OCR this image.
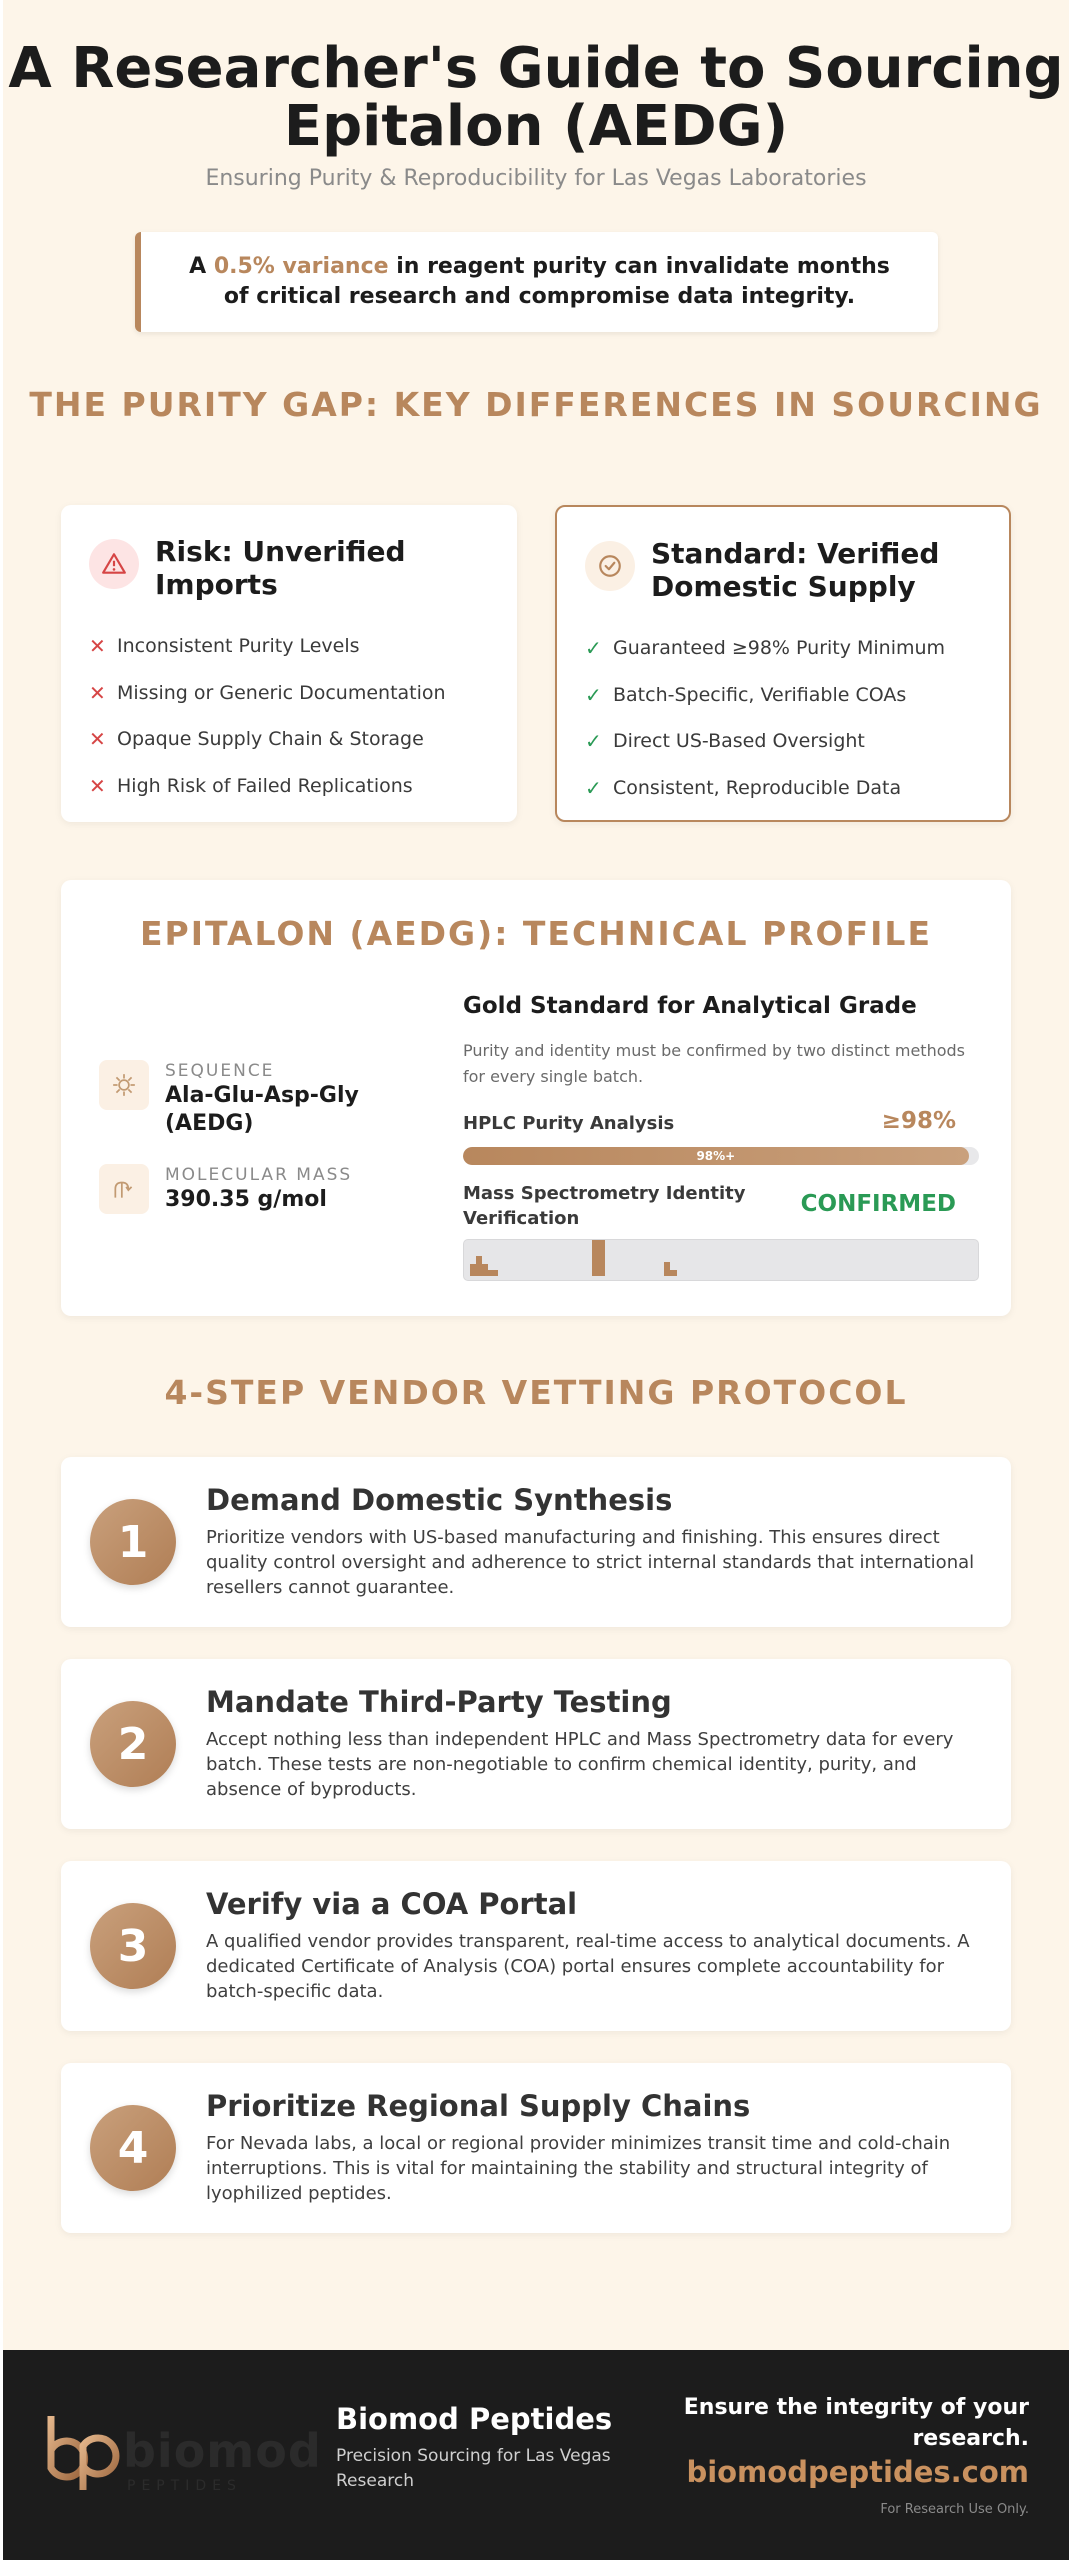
A Researcher's Guide to Sourcing Epitalon (AEDG)
Ensuring Purity & Reproducibility for Las Vegas Laboratories

A 0.5% variance in reagent purity can invalidate months of critical research and compromise data integrity.

THE PURITY GAP: KEY DIFFERENCES IN SOURCING
Risk: Unverified Imports
✕ Inconsistent Purity Levels
✕ Missing or Generic Documentation
✕ Opaque Supply Chain & Storage
✕ High Risk of Failed Replications
Standard: Verified Domestic Supply
✓ Guaranteed ≥98% Purity Minimum
✓ Batch-Specific, Verifiable COAs
✓ Direct US-Based Oversight
✓ Consistent, Reproducible Data
EPITALON (AEDG): TECHNICAL PROFILE
SEQUENCE
Ala-Glu-Asp-Gly (AEDG)
MOLECULAR MASS
390.35 g/mol
Gold Standard for Analytical Grade
Purity and identity must be confirmed by two distinct methods for every single batch.
HPLC Purity Analysis	≥98%
98%+
Mass Spectrometry Identity Verification
CONFIRMED
4-STEP VENDOR VETTING PROTOCOL
1
Demand Domestic Synthesis
Prioritize vendors with US-based manufacturing and finishing. This ensures direct quality control oversight and adherence to strict internal standards that international resellers cannot guarantee.
2
Mandate Third-Party Testing
Accept nothing less than independent HPLC and Mass Spectrometry data for every batch. These tests are non-negotiable to confirm chemical identity, purity, and absence of byproducts.
3
Verify via a COA Portal
A qualified vendor provides transparent, real-time access to analytical documents. A dedicated Certificate of Analysis (COA) portal ensures complete accountability for batch-specific data.
4
Prioritize Regional Supply Chains
For Nevada labs, a local or regional provider minimizes transit time and cold-chain interruptions. This is vital for maintaining the stability and structural integrity of lyophilized peptides.
biomod
PEPTIDES
Biomod Peptides
Precision Sourcing for Las Vegas Research
Ensure the integrity of your research.
biomodpeptides.com
For Research Use Only.
